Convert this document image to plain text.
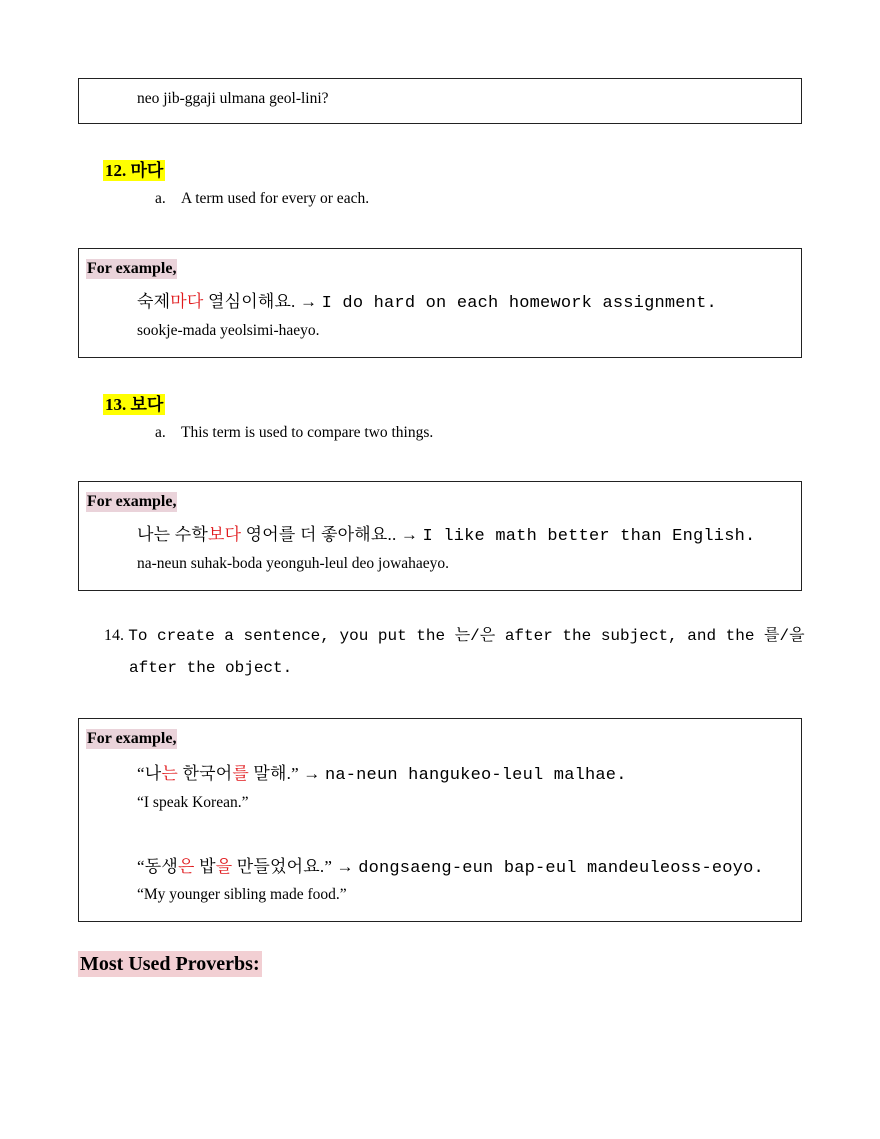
neo jib-ggaji ulmana geol-lini?
12. 마다
a. A term used for every or each.
For example,
숙제마다 열심이해요. → I do hard on each homework assignment.
sookje-mada yeolsimi-haeyo.
13. 보다
a. This term is used to compare two things.
For example,
나는 수학보다 영어를 더 좋아해요.. → I like math better than English.
na-neun suhak-boda yeonguh-leul deo jowahaeyo.
14. To create a sentence, you put the 는/은 after the subject, and the 를/을
after the object.
For example,
“나는 한국어를 말해.” → na-neun hangukeo-leul malhae.
“I speak Korean.”
“동생은 밥을 만들었어요.” → dongsaeng-eun bap-eul mandeuleoss-eoyo.
“My younger sibling made food.”
Most Used Proverbs:
